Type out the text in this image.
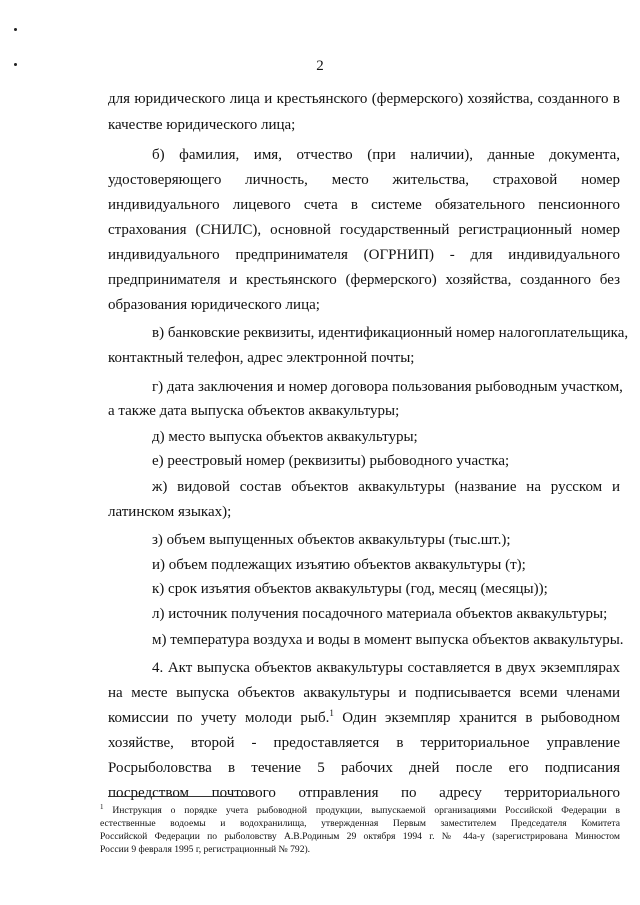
2
для юридического лица и крестьянского (фермерского) хозяйства, созданного в
качестве юридического лица;
б) фамилия, имя, отчество (при наличии), данные документа,
удостоверяющего личность, место жительства, страховой номер
индивидуального лицевого счета в системе обязательного пенсионного
страхования (СНИЛС), основной государственный регистрационный номер
индивидуального предпринимателя (ОГРНИП) - для индивидуального
предпринимателя и крестьянского (фермерского) хозяйства, созданного без
образования юридического лица;
в) банковские реквизиты, идентификационный номер налогоплательщика,
контактный телефон, адрес электронной почты;
г) дата заключения и номер договора пользования рыбоводным участком,
а также дата выпуска объектов аквакультуры;
д) место выпуска объектов аквакультуры;
е) реестровый номер (реквизиты) рыбоводного участка;
ж) видовой состав объектов аквакультуры (название на русском и
латинском языках);
з) объем выпущенных объектов аквакультуры (тыс.шт.);
и) объем подлежащих изъятию объектов аквакультуры (т);
к) срок изъятия объектов аквакультуры (год, месяц (месяцы));
л) источник получения посадочного материала объектов аквакультуры;
м) температура воздуха и воды в момент выпуска объектов аквакультуры.
4. Акт выпуска объектов аквакультуры составляется в двух экземплярах
на месте выпуска объектов аквакультуры и подписывается всеми членами
комиссии по учету молоди рыб.$^1$ Один экземпляр хранится в рыбоводном
хозяйстве, второй - предоставляется в территориальное управление
Росрыболовства в течение 5 рабочих дней после его подписания
посредством почтового отправления по адресу территориального
$^1$ Инструкция о порядке учета рыбоводной продукции, выпускаемой организациями Российской Федерации в
естественные водоемы и водохранилища, утвержденная Первым заместителем Председателя Комитета
Российской Федерации по рыболовству А.В.Родиным 29 октября 1994 г. № 44а-у (зарегистрирована Минюстом
России 9 февраля 1995 г, регистрационный № 792).
